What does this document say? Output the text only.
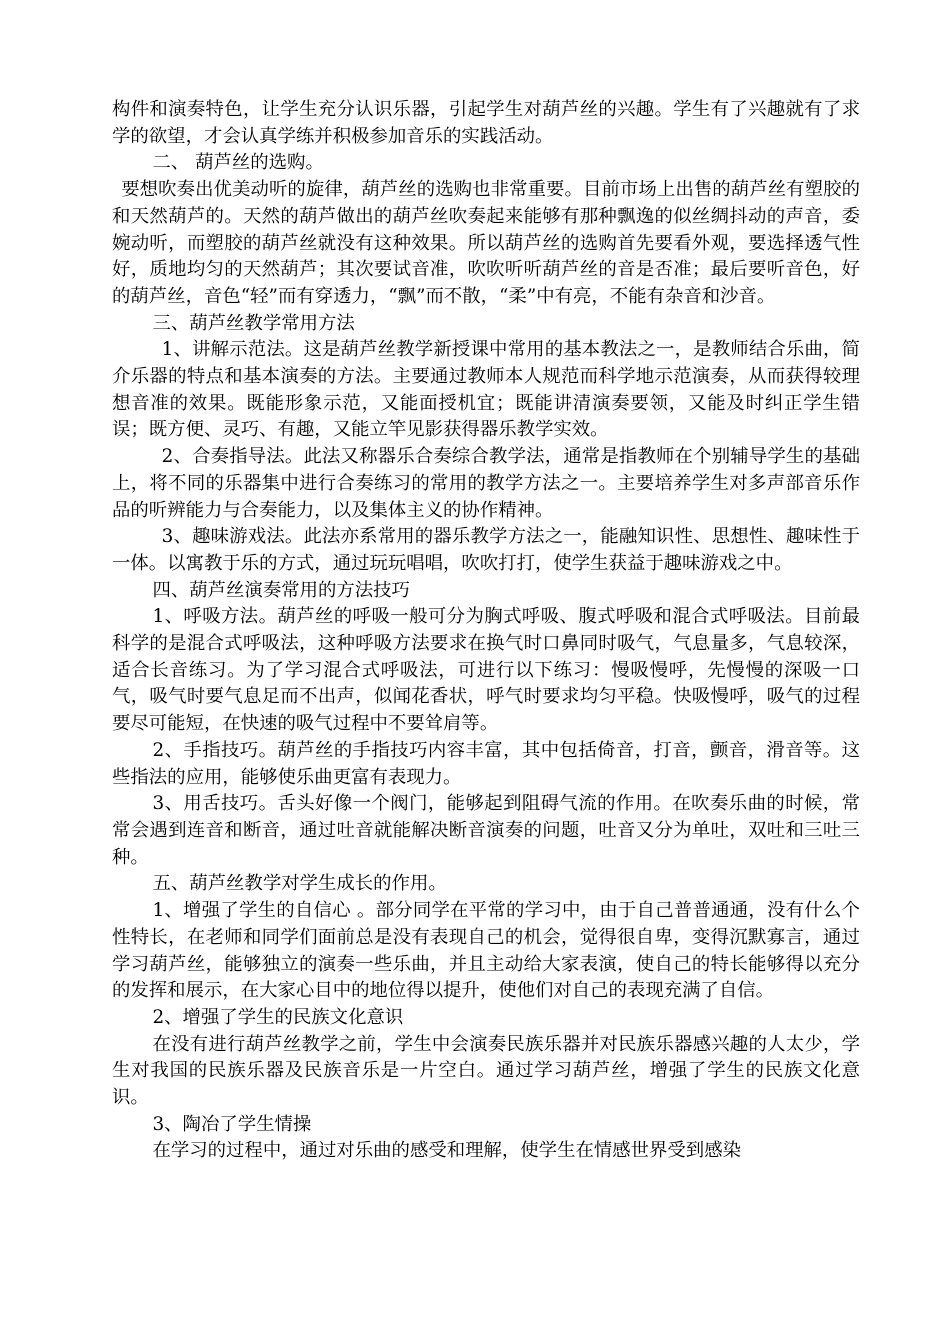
构件和演奏特色，让学生充分认识乐器，引起学生对葫芦丝的兴趣。学生有了兴趣就有了求学的欲望，才会认真学练并积极参加音乐的实践活动。

二、 葫芦丝的选购。

要想吹奏出优美动听的旋律，葫芦丝的选购也非常重要。目前市场上出售的葫芦丝有塑胶的和天然葫芦的。天然的葫芦做出的葫芦丝吹奏起来能够有那种飘逸的似丝绸抖动的声音，委婉动听，而塑胶的葫芦丝就没有这种效果。所以葫芦丝的选购首先要看外观，要选择透气性好，质地均匀的天然葫芦；其次要试音准，吹吹听听葫芦丝的音是否准；最后要听音色，好的葫芦丝，音色“轻”而有穿透力，“飘”而不散，“柔”中有亮，不能有杂音和沙音。

三、葫芦丝教学常用方法

1、讲解示范法。这是葫芦丝教学新授课中常用的基本教法之一，是教师结合乐曲，简介乐器的特点和基本演奏的方法。主要通过教师本人规范而科学地示范演奏，从而获得较理想音准的效果。既能形象示范，又能面授机宜；既能讲清演奏要领，又能及时纠正学生错误；既方便、灵巧、有趣，又能立竿见影获得器乐教学实效。

2、合奏指导法。此法又称器乐合奏综合教学法，通常是指教师在个别辅导学生的基础上，将不同的乐器集中进行合奏练习的常用的教学方法之一。主要培养学生对多声部音乐作品的听辨能力与合奏能力，以及集体主义的协作精神。

3、趣味游戏法。此法亦系常用的器乐教学方法之一，能融知识性、思想性、趣味性于一体。以寓教于乐的方式，通过玩玩唱唱，吹吹打打，使学生获益于趣味游戏之中。

四、葫芦丝演奏常用的方法技巧

1、呼吸方法。葫芦丝的呼吸一般可分为胸式呼吸、腹式呼吸和混合式呼吸法。目前最科学的是混合式呼吸法，这种呼吸方法要求在换气时口鼻同时吸气，气息量多，气息较深，适合长音练习。为了学习混合式呼吸法，可进行以下练习：慢吸慢呼，先慢慢的深吸一口气，吸气时要气息足而不出声，似闻花香状，呼气时要求均匀平稳。快吸慢呼，吸气的过程要尽可能短，在快速的吸气过程中不要耸肩等。

2、手指技巧。葫芦丝的手指技巧内容丰富，其中包括倚音，打音，颤音，滑音等。这些指法的应用，能够使乐曲更富有表现力。

3、用舌技巧。舌头好像一个阀门，能够起到阻碍气流的作用。在吹奏乐曲的时候，常常会遇到连音和断音，通过吐音就能解决断音演奏的问题，吐音又分为单吐，双吐和三吐三种。

五、葫芦丝教学对学生成长的作用。

1、增强了学生的自信心 。部分同学在平常的学习中，由于自己普普通通，没有什么个性特长，在老师和同学们面前总是没有表现自己的机会，觉得很自卑，变得沉默寡言，通过学习葫芦丝，能够独立的演奏一些乐曲，并且主动给大家表演，使自己的特长能够得以充分的发挥和展示，在大家心目中的地位得以提升，使他们对自己的表现充满了自信。

2、增强了学生的民族文化意识

在没有进行葫芦丝教学之前，学生中会演奏民族乐器并对民族乐器感兴趣的人太少，学生对我国的民族乐器及民族音乐是一片空白。通过学习葫芦丝，增强了学生的民族文化意识。

3、陶冶了学生情操

在学习的过程中，通过对乐曲的感受和理解，使学生在情感世界受到感染
